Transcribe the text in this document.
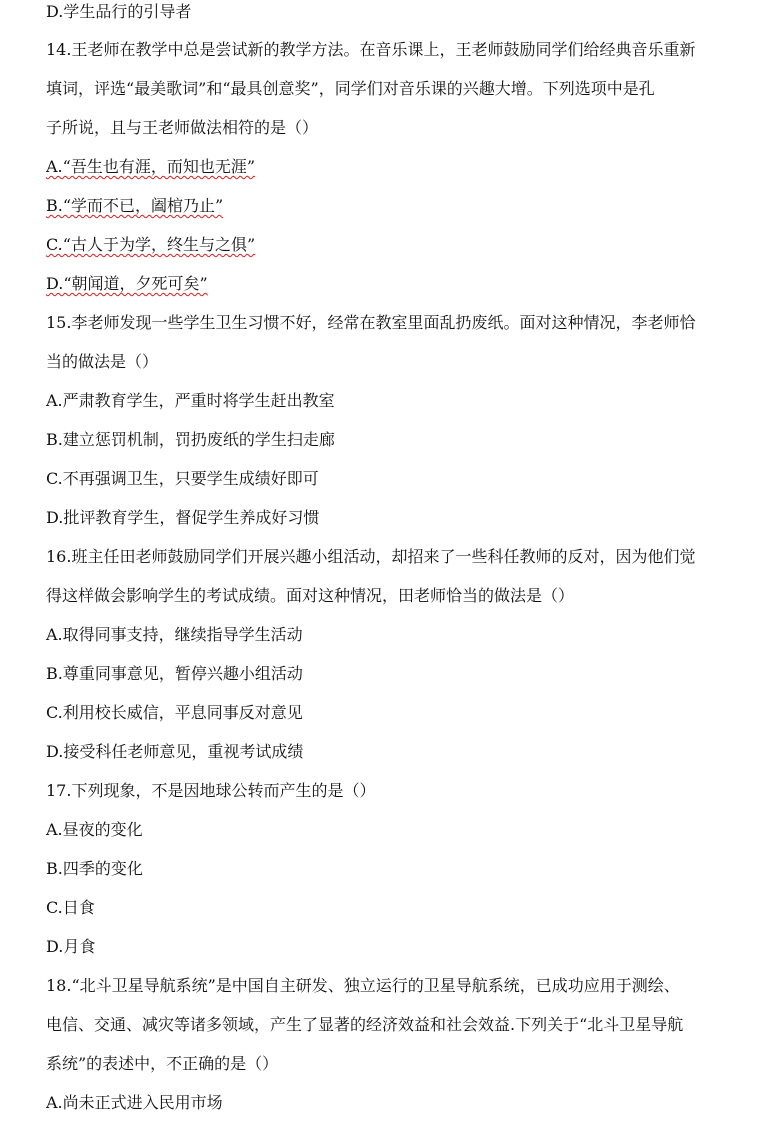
D.学生品行的引导者
14.王老师在教学中总是尝试新的教学方法。在音乐课上，王老师鼓励同学们给经典音乐重新
填词，评选“最美歌词”和“最具创意奖”，同学们对音乐课的兴趣大增。下列选项中是孔
子所说，且与王老师做法相符的是（）
A.“吾生也有涯，而知也无涯”
B.“学而不已，阖棺乃止”
C.“古人于为学，终生与之俱”
D.“朝闻道，夕死可矣”
15.李老师发现一些学生卫生习惯不好，经常在教室里面乱扔废纸。面对这种情况，李老师恰
当的做法是（）
A.严肃教育学生，严重时将学生赶出教室
B.建立惩罚机制，罚扔废纸的学生扫走廊
C.不再强调卫生，只要学生成绩好即可
D.批评教育学生，督促学生养成好习惯
16.班主任田老师鼓励同学们开展兴趣小组活动，却招来了一些科任教师的反对，因为他们觉
得这样做会影响学生的考试成绩。面对这种情况，田老师恰当的做法是（）
A.取得同事支持，继续指导学生活动
B.尊重同事意见，暂停兴趣小组活动
C.利用校长威信，平息同事反对意见
D.接受科任老师意见，重视考试成绩
17.下列现象，不是因地球公转而产生的是（）
A.昼夜的变化
B.四季的变化
C.日食
D.月食
18.“北斗卫星导航系统”是中国自主研发、独立运行的卫星导航系统，已成功应用于测绘、
电信、交通、减灾等诸多领域，产生了显著的经济效益和社会效益.下列关于“北斗卫星导航
系统”的表述中，不正确的是（）
A.尚未正式进入民用市场
